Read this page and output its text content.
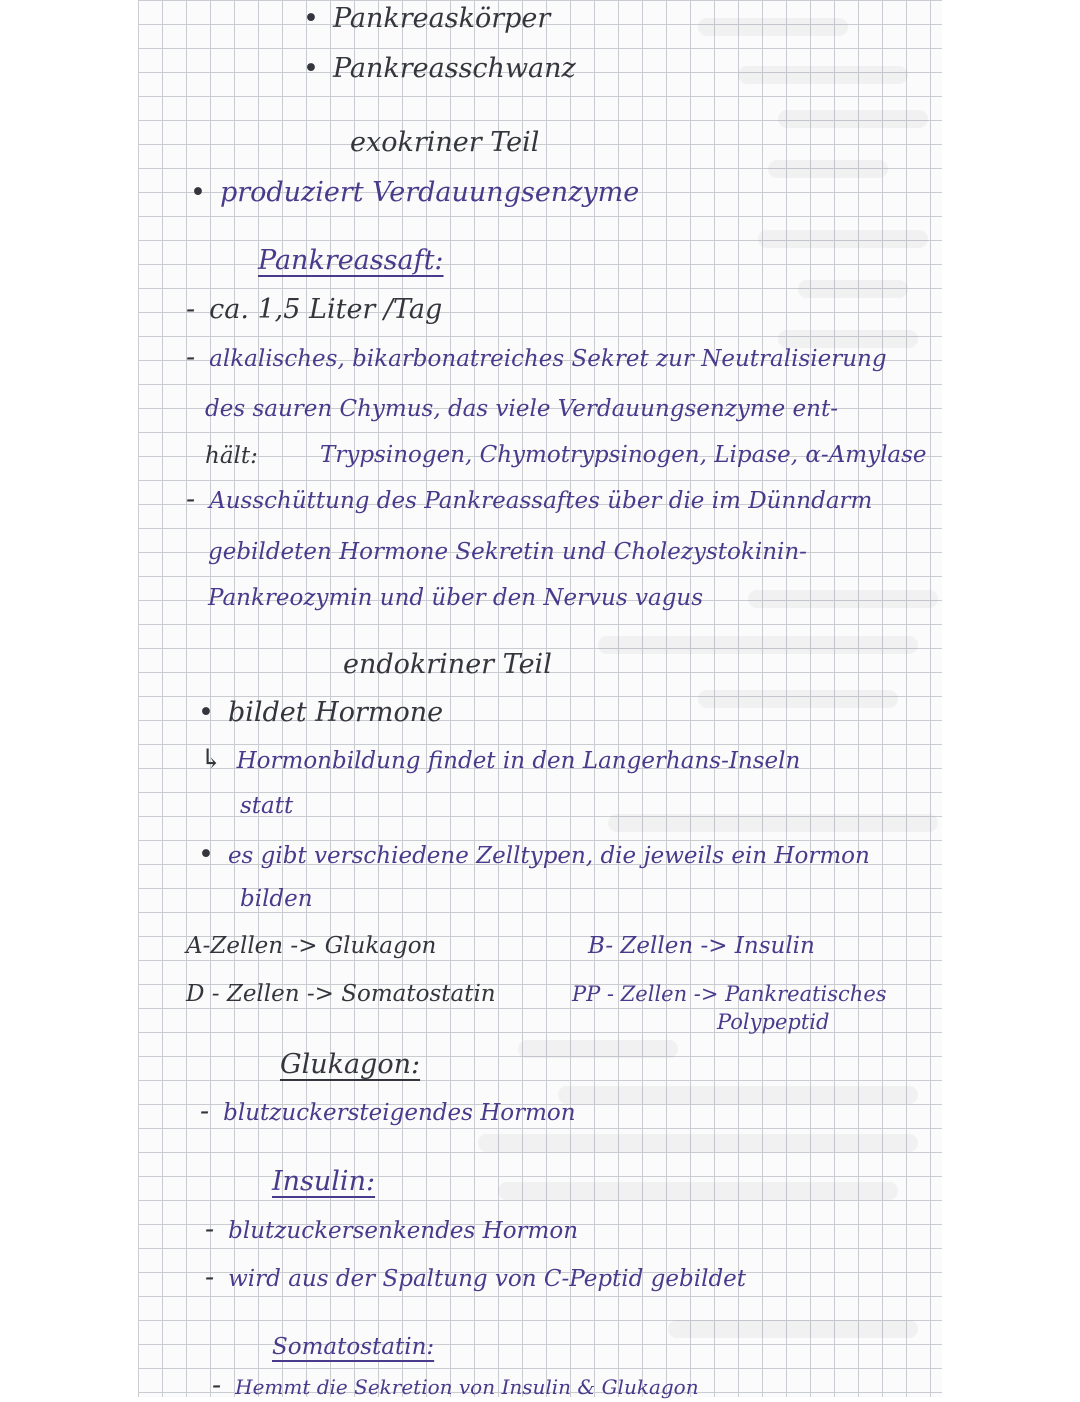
• Pankreaskörper
• Pankreasschwanz
exokriner Teil
• produziert Verdauungsenzyme
Pankreassaft:
- ca. 1,5 Liter /Tag
- alkalisches, bikarbonatreiches Sekret zur Neutralisierung
des sauren Chymus, das viele Verdauungsenzyme ent-
hält:	Trypsinogen, Chymotrypsinogen, Lipase, α-Amylase
- Ausschüttung des Pankreassaftes über die im Dünndarm
gebildeten Hormone Sekretin und Cholezystokinin-
Pankreozymin und über den Nervus vagus
endokriner Teil
• bildet Hormone
↳ Hormonbildung findet in den Langerhans-Inseln
statt
• es gibt verschiedene Zelltypen, die jeweils ein Hormon
bilden
A-Zellen -> Glukagon	B- Zellen -> Insulin
D - Zellen -> Somatostatin	PP - Zellen -> Pankreatisches
Polypeptid
Glukagon:
- blutzuckersteigendes Hormon
Insulin:
- blutzuckersenkendes Hormon
- wird aus der Spaltung von C-Peptid gebildet
Somatostatin:
- Hemmt die Sekretion von Insulin & Glukagon
